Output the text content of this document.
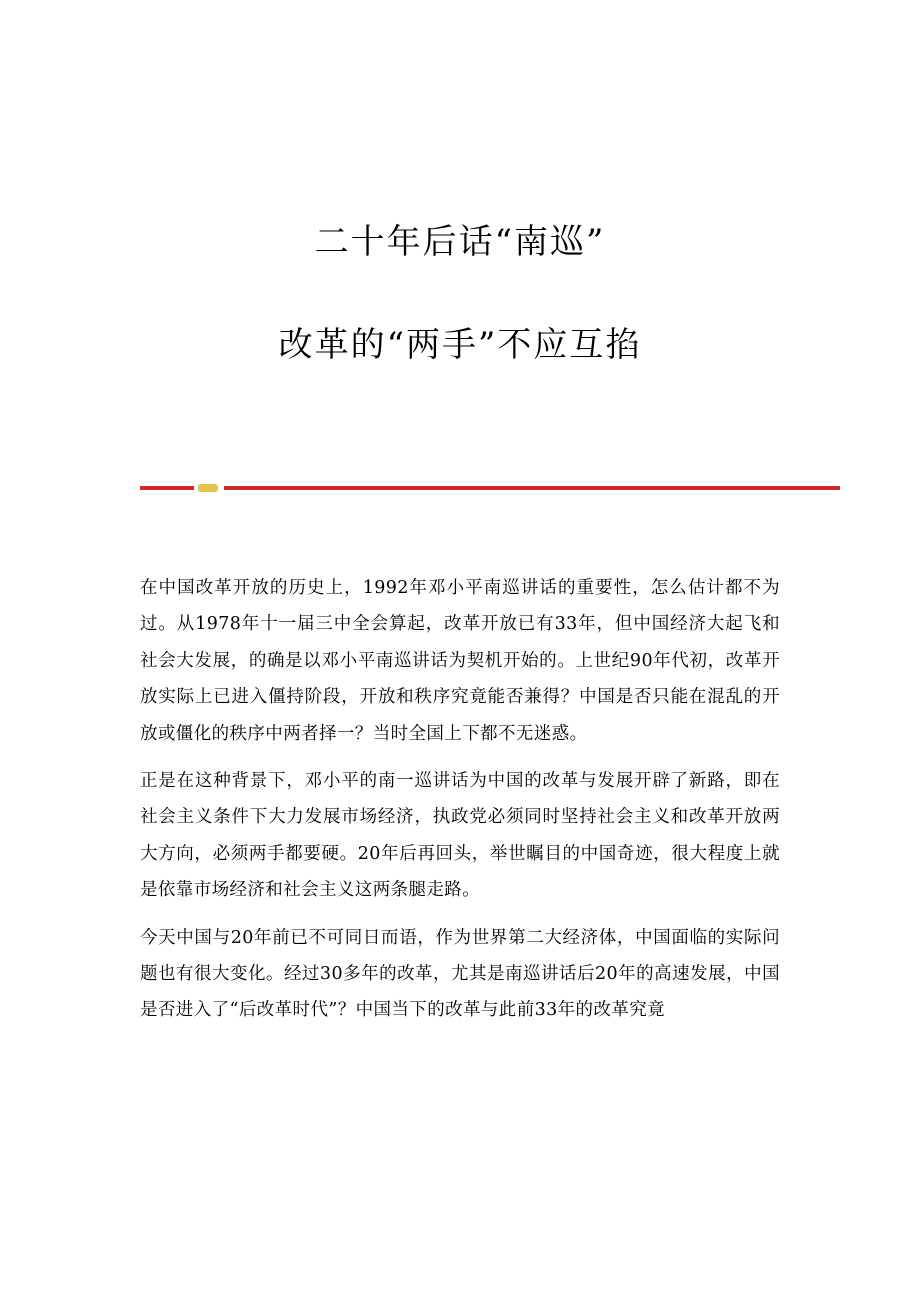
二十年后话“南巡”
改革的“两手”不应互掐

在中国改革开放的历史上，1992年邓小平南巡讲话的重要性，怎么估计都不为过。从1978年十一届三中全会算起，改革开放已有33年，但中国经济大起飞和社会大发展，的确是以邓小平南巡讲话为契机开始的。上世纪90年代初，改革开放实际上已进入僵持阶段，开放和秩序究竟能否兼得？中国是否只能在混乱的开放或僵化的秩序中两者择一？当时全国上下都不无迷惑。

正是在这种背景下，邓小平的南一巡讲话为中国的改革与发展开辟了新路，即在社会主义条件下大力发展市场经济，执政党必须同时坚持社会主义和改革开放两大方向，必须两手都要硬。20年后再回头，举世瞩目的中国奇迹，很大程度上就是依靠市场经济和社会主义这两条腿走路。

今天中国与20年前已不可同日而语，作为世界第二大经济体，中国面临的实际问题也有很大变化。经过30多年的改革，尤其是南巡讲话后20年的高速发展，中国是否进入了“后改革时代”？中国当下的改革与此前33年的改革究竟
